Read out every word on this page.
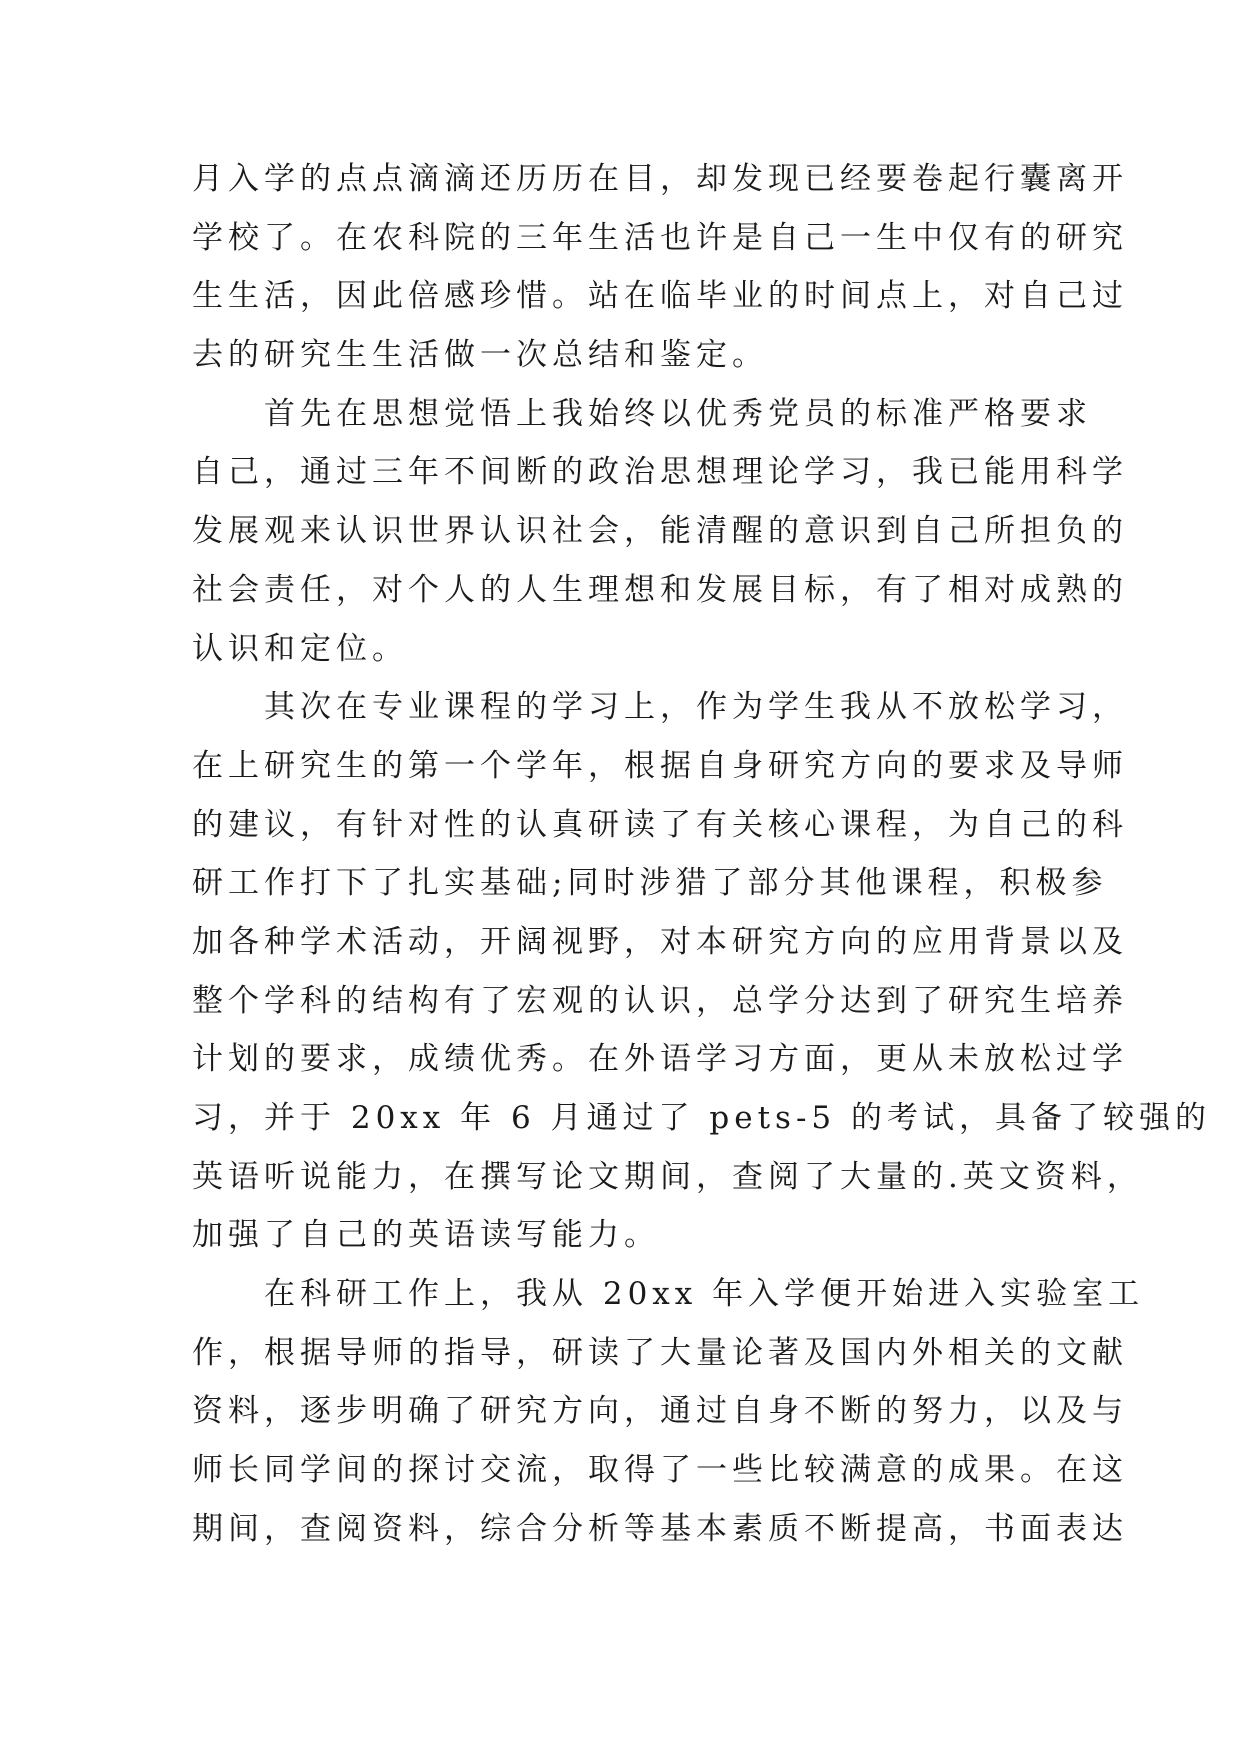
月入学的点点滴滴还历历在目，却发现已经要卷起行囊离开
学校了。在农科院的三年生活也许是自己一生中仅有的研究
生生活，因此倍感珍惜。站在临毕业的时间点上，对自己过
去的研究生生活做一次总结和鉴定。
　　首先在思想觉悟上我始终以优秀党员的标准严格要求
自己，通过三年不间断的政治思想理论学习，我已能用科学
发展观来认识世界认识社会，能清醒的意识到自己所担负的
社会责任，对个人的人生理想和发展目标，有了相对成熟的
认识和定位。
　　其次在专业课程的学习上，作为学生我从不放松学习，
在上研究生的第一个学年，根据自身研究方向的要求及导师
的建议，有针对性的认真研读了有关核心课程，为自己的科
研工作打下了扎实基础;同时涉猎了部分其他课程，积极参
加各种学术活动，开阔视野，对本研究方向的应用背景以及
整个学科的结构有了宏观的认识，总学分达到了研究生培养
计划的要求，成绩优秀。在外语学习方面，更从未放松过学
习，并于 20xx 年 6 月通过了 pets-5 的考试，具备了较强的
英语听说能力，在撰写论文期间，查阅了大量的.英文资料，
加强了自己的英语读写能力。
　　在科研工作上，我从 20xx 年入学便开始进入实验室工
作，根据导师的指导，研读了大量论著及国内外相关的文献
资料，逐步明确了研究方向，通过自身不断的努力，以及与
师长同学间的探讨交流，取得了一些比较满意的成果。在这
期间，查阅资料，综合分析等基本素质不断提高，书面表达
